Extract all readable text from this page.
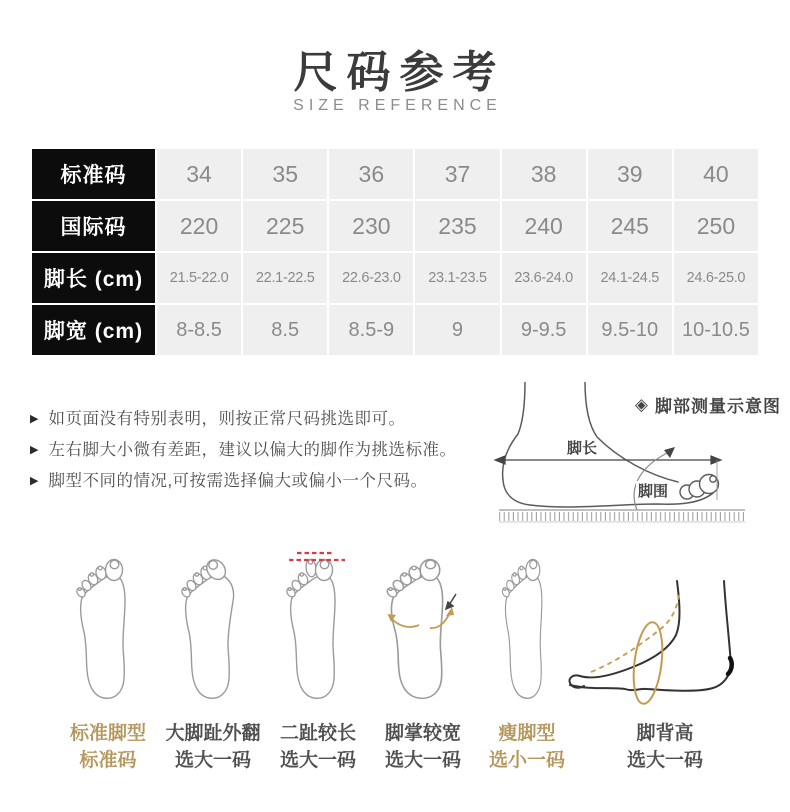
尺码参考
SIZE REFERENCE
标准码	34	35	36	37	38	39	40
国际码	220	225	230	235	240	245	250
脚长 (cm)	21.5-22.0	22.1-22.5	22.6-23.0	23.1-23.5	23.6-24.0	24.1-24.5	24.6-25.0
脚宽 (cm)	8-8.5	8.5	8.5-9	9	9-9.5	9.5-10	10-10.5
▶ 如页面没有特别表明，则按正常尺码挑选即可。
▶ 左右脚大小微有差距，建议以偏大的脚作为挑选标准。
▶ 脚型不同的情况,可按需选择偏大或偏小一个尺码。
脚长
脚围
◈ 脚部测量示意图
标准脚型
标准码
大脚趾外翻
选大一码
二趾较长
选大一码
脚掌较宽
选大一码
瘦脚型
选小一码
脚背高
选大一码
